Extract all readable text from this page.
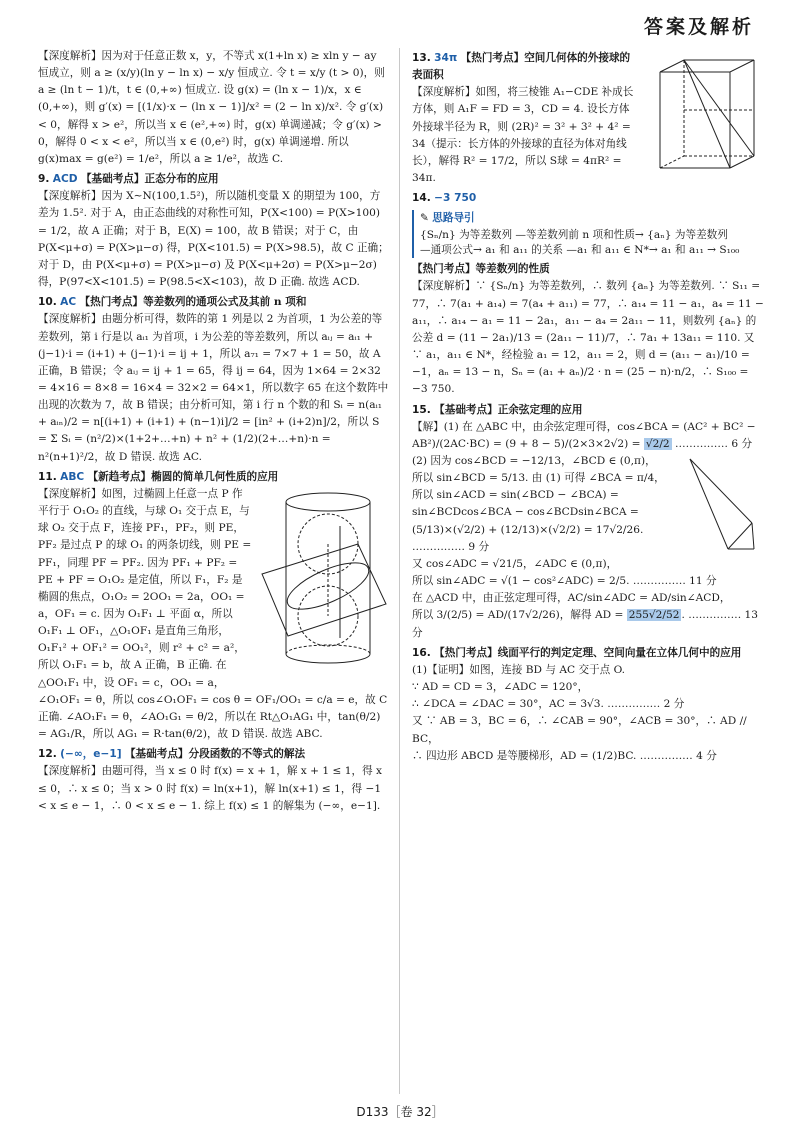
答案及解析

【深度解析】因为对于任意正数 x，y，不等式 x(1+ln x) ≥ xln y − ay 恒成立，则 a ≥ (x/y)(ln y − ln x) − x/y 恒成立. 令 t = x/y (t > 0)，则 a ≥ (ln t − 1)/t，t ∈ (0,+∞) 恒成立. 设 g(x) = (ln x − 1)/x，x ∈ (0,+∞)，则 g′(x) = [(1/x)·x − (ln x − 1)]/x² = (2 − ln x)/x². 令 g′(x) < 0，解得 x > e²，所以当 x ∈ (e²,+∞) 时，g(x) 单调递减；令 g′(x) > 0，解得 0 < x < e²，所以当 x ∈ (0,e²) 时，g(x) 单调递增. 所以 g(x)max = g(e²) = 1/e²，所以 a ≥ 1/e²，故选 C.

9. ACD 【基础考点】正态分布的应用

【深度解析】因为 X∼N(100,1.5²)，所以随机变量 X 的期望为 100，方差为 1.5². 对于 A，由正态曲线的对称性可知，P(X<100) = P(X>100) = 1/2，故 A 正确；对于 B，E(X) = 100，故 B 错误；对于 C，由 P(X<μ+σ) = P(X>μ−σ) 得，P(X<101.5) = P(X>98.5)，故 C 正确；对于 D，由 P(X<μ+σ) = P(X>μ−σ) 及 P(X<μ+2σ) = P(X>μ−2σ) 得，P(97<X<101.5) = P(98.5<X<103)，故 D 正确. 故选 ACD.

10. AC 【热门考点】等差数列的通项公式及其前 n 项和

【深度解析】由题分析可得，数阵的第 1 列是以 2 为首项，1 为公差的等差数列，第 i 行是以 aᵢ₁ 为首项，i 为公差的等差数列，所以 aᵢⱼ = aᵢ₁ + (j−1)·i = (i+1) + (j−1)·i = ij + 1，所以 a₇₁ = 7×7 + 1 = 50，故 A 正确，B 错误；令 aᵢⱼ = ij + 1 = 65，得 ij = 64，因为 1×64 = 2×32 = 4×16 = 8×8 = 16×4 = 32×2 = 64×1，所以数字 65 在这个数阵中出现的次数为 7，故 B 错误；由分析可知，第 i 行 n 个数的和 Sᵢ = n(aᵢ₁ + aᵢₙ)/2 = n[(i+1) + (i+1) + (n−1)i]/2 = [in² + (i+2)n]/2，所以 S = Σ Sᵢ = (n²/2)×(1+2+…+n) + n² + (1/2)(2+…+n)·n = n²(n+1)²/2，故 D 错误. 故选 AC.

11. ABC 【新趋考点】椭圆的简单几何性质的应用

【深度解析】如图，过椭圆上任意一点 P 作平行于 O₁O₂ 的直线，与球 O₁ 交于点 E，与球 O₂ 交于点 F，连接 PF₁，PF₂，则 PE，PF₂ 是过点 P 的球 O₁ 的两条切线，则 PE = PF₁，同理 PF = PF₂. 因为 PF₁ + PF₂ = PE + PF = O₁O₂ 是定值，所以 F₁，F₂ 是椭圆的焦点，O₁O₂ = 2OO₁ = 2a，OO₁ = a，OF₁ = c. 因为 O₁F₁ ⊥ 平面 α，所以 O₁F₁ ⊥ OF₁，△O₁OF₁ 是直角三角形，O₁F₁² + OF₁² = OO₁²，则 r² + c² = a²，所以 O₁F₁ = b，故 A 正确，B 正确. 在 △OO₁F₁ 中，设 OF₁ = c，OO₁ = a，∠O₁OF₁ = θ，所以 cos∠O₁OF₁ = cos θ = OF₁/OO₁ = c/a = e，故 C 正确. ∠AO₁F₁ = θ，∠AO₁G₁ = θ/2，所以在 Rt△O₁AG₁ 中，tan(θ/2) = AG₁/R，所以 AG₁ = R·tan(θ/2)，故 D 错误. 故选 ABC.

12. (−∞，e−1] 【基础考点】分段函数的不等式的解法

【深度解析】由题可得，当 x ≤ 0 时 f(x) = x + 1，解 x + 1 ≤ 1，得 x ≤ 0，∴ x ≤ 0；当 x > 0 时 f(x) = ln(x+1)，解 ln(x+1) ≤ 1，得 −1 < x ≤ e − 1，∴ 0 < x ≤ e − 1. 综上 f(x) ≤ 1 的解集为 (−∞，e−1].

13. 34π 【热门考点】空间几何体的外接球的表面积

【深度解析】如图，将三棱锥 A₁−CDE 补成长方体，则 A₁F = FD = 3，CD = 4. 设长方体外接球半径为 R，则 (2R)² = 3² + 3² + 4² = 34（提示：长方体的外接球的直径为体对角线长），解得 R² = 17/2，所以 S球 = 4πR² = 34π.

14. −3 750

✎ 思路导引

{Sₙ/n} 为等差数列 —等差数列前 n 项和性质→ {aₙ} 为等差数列

—通项公式→ a₁ 和 a₁₁ 的关系 —a₁ 和 a₁₁ ∈ N*→ a₁ 和 a₁₁ → S₁₀₀

【热门考点】等差数列的性质

【深度解析】∵ {Sₙ/n} 为等差数列，∴ 数列 {aₙ} 为等差数列. ∵ S₁₁ = 77，∴ 7(a₁ + a₁₄) = 7(a₄ + a₁₁) = 77，∴ a₁₄ = 11 − a₁，a₄ = 11 − a₁₁，∴ a₁₄ − a₁ = 11 − 2a₁，a₁₁ − a₄ = 2a₁₁ − 11，则数列 {aₙ} 的公差 d = (11 − 2a₁)/13 = (2a₁₁ − 11)/7，∴ 7a₁ + 13a₁₁ = 110. 又 ∵ a₁，a₁₁ ∈ N*，经检验 a₁ = 12，a₁₁ = 2，则 d = (a₁₁ − a₁)/10 = −1，aₙ = 13 − n，Sₙ = (a₁ + aₙ)/2 · n = (25 − n)·n/2，∴ S₁₀₀ = −3 750.

15. 【基础考点】正余弦定理的应用

【解】(1) 在 △ABC 中，由余弦定理可得，cos∠BCA = (AC² + BC² − AB²)/(2AC·BC) = (9 + 8 − 5)/(2×3×2√2) = √2/2 …………… 6 分

(2) 因为 cos∠BCD = −12/13，∠BCD ∈ (0,π)，

所以 sin∠BCD = 5/13. 由 (1) 可得 ∠BCA = π/4，

所以 sin∠ACD = sin(∠BCD − ∠BCA) = sin∠BCDcos∠BCA − cos∠BCDsin∠BCA = (5/13)×(√2/2) + (12/13)×(√2/2) = 17√2/26. …………… 9 分

又 cos∠ADC = √21/5，∠ADC ∈ (0,π)，

所以 sin∠ADC = √(1 − cos²∠ADC) = 2/5. …………… 11 分

在 △ACD 中，由正弦定理可得，AC/sin∠ADC = AD/sin∠ACD，

所以 3/(2/5) = AD/(17√2/26)，解得 AD = 255√2/52 . …………… 13 分

16. 【热门考点】线面平行的判定定理、空间向量在立体几何中的应用

(1)【证明】如图，连接 BD 与 AC 交于点 O.

∵ AD = CD = 3，∠ADC = 120°，

∴ ∠DCA = ∠DAC = 30°，AC = 3√3. …………… 2 分

又 ∵ AB = 3，BC = 6，∴ ∠CAB = 90°，∠ACB = 30°，∴ AD // BC，

∴ 四边形 ABCD 是等腰梯形，AD = (1/2)BC. …………… 4 分

D133［卷 32］
